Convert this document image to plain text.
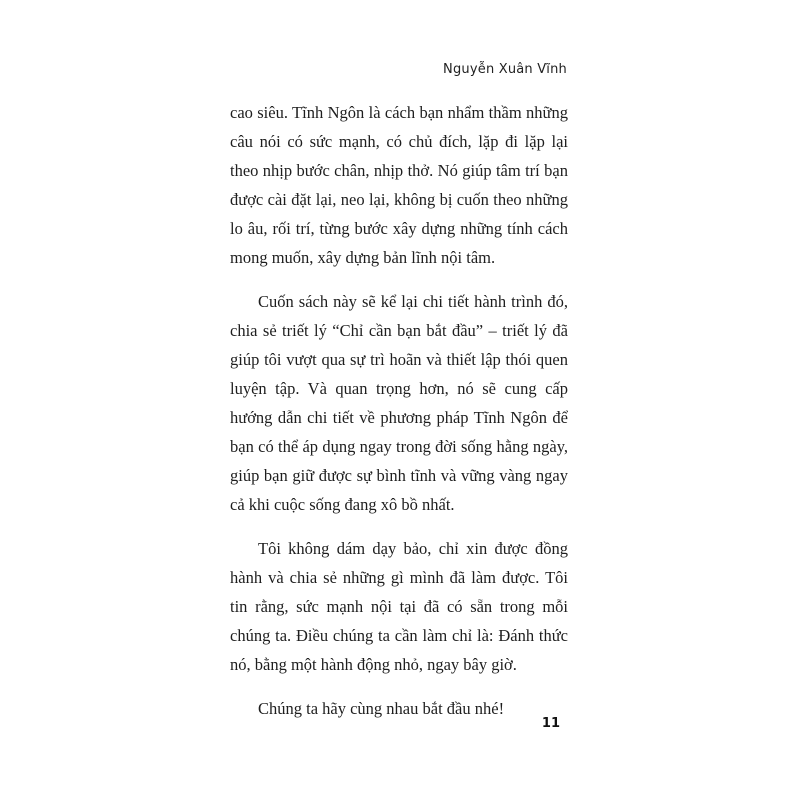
Nguyễn Xuân Vĩnh

cao siêu. Tĩnh Ngôn là cách bạn nhẩm thầm những câu nói có sức mạnh, có chủ đích, lặp đi lặp lại theo nhịp bước chân, nhịp thở. Nó giúp tâm trí bạn được cài đặt lại, neo lại, không bị cuốn theo những lo âu, rối trí, từng bước xây dựng những tính cách mong muốn, xây dựng bản lĩnh nội tâm.

Cuốn sách này sẽ kể lại chi tiết hành trình đó, chia sẻ triết lý “Chỉ cần bạn bắt đầu” – triết lý đã giúp tôi vượt qua sự trì hoãn và thiết lập thói quen luyện tập. Và quan trọng hơn, nó sẽ cung cấp hướng dẫn chi tiết về phương pháp Tĩnh Ngôn để bạn có thể áp dụng ngay trong đời sống hằng ngày, giúp bạn giữ được sự bình tĩnh và vững vàng ngay cả khi cuộc sống đang xô bồ nhất.

Tôi không dám dạy bảo, chỉ xin được đồng hành và chia sẻ những gì mình đã làm được. Tôi tin rằng, sức mạnh nội tại đã có sẵn trong mỗi chúng ta. Điều chúng ta cần làm chỉ là: Đánh thức nó, bằng một hành động nhỏ, ngay bây giờ.

Chúng ta hãy cùng nhau bắt đầu nhé!

11
